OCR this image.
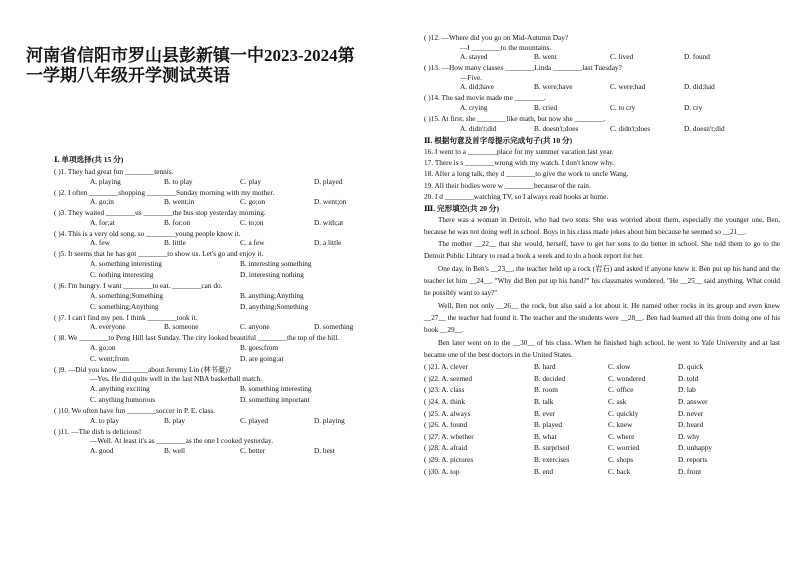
河南省信阳市罗山县彭新镇一中2023-2024第一学期八年级开学测试英语
Ⅰ. 单项选择(共 15 分)
( )1. They had great fun ________tennis.
A. playing	B. to play	C. play	D. played
( )2. I often ________shopping ________Sunday morning with my mother.
A. go;in	B. went;in	C. go;on	D. went;on
( )3. They waited ________us ________the bus stop yesterday morning.
A. for;at	B. for;on	C. to;on	D. with;at
( )4. This is a very old song, so ________young people know it.
A. few	B. little	C. a few	D. a little
( )5. It seems that he has got ________to show us. Let's go and enjoy it.
A. something interesting	B. interesting something
C. nothing interesting	D. interesting nothing
( )6. I'm hungry. I want ________to eat. ________can do.
A. something;Something	B. anything;Anything
C. something;Anything	D. anything;Something
( )7. I can't find my pen. I think ________took it.
A. everyone	B. someone	C. anyone	D. something
( )8. We ________to Peng Hill last Sunday. The city looked beautiful ________the top of the hill.
A. go;on	B. goes;from
C. went;from	D. are going;at
( )9. —Did you know ________about Jeremy Lin (林书豪)?
—Yes. He did quite well in the last NBA basketball match.
A. anything exciting	B. something interesting
C. anything humorous	D. something important
( )10. We often have fun ________soccer in P. E. class.
A. to play	B. play	C. played	D. playing
( )11. —The dish is delicious!
—Well. At least it's as ________as the one I cooked yesterday.
A. good	B. well	C. better	D. best
( )12. —Where did you go on Mid-Autumn Day?
—I ________to the mountains.
A. stayed	B. went	C. lived	D. found
( )13. —How many classes ________Linda ________last Tuesday?
—Five.
A. did;have	B. were;have	C. were;had	D. did;had
( )14. The sad movie made me ________.
A. crying	B. cried	C. to cry	D. cry
( )15. At first, she ________like math, but now she ________.
A. didn't;did	B. doesn't;does	C. didn't;does	D. doesn't;did
Ⅱ. 根据句意及首字母提示完成句子(共 10 分)
16. I went to a ________place for my summer vacation last year.
17. There is s ________wrong with my watch. I don't know why.
18. After a long talk, they d ________to give the work to uncle Wang.
19. All their bodies were w ________because of the rain.
20. I d ________watching TV, so I always read books at home.
Ⅲ. 完形填空(共 20 分)
There was a woman in Detroit, who had two sons. She was worried about them, especially the younger one, Ben, because he was not doing well in school. Boys in his class made jokes about him because he seemed so __21__.
The mother __22__ that she would, herself, have to get her sons to do better in school. She told them to go to the Detroit Public Library to read a book a week and to do a book report for her.
One day, in Ben's __23__, the teacher held up a rock (岩石) and asked if anyone knew it. Ben put up his hand and the teacher let him __24__. "Why did Ben put up his hand?" his classmates wondered, "He __25__ said anything. What could he possibly want to say?"
Well, Ben not only __26__ the rock, but also said a lot about it. He named other rocks in its group and even knew __27__ the teacher had found it. The teacher and the students were __28__. Ben had learned all this from doing one of his book __29__.
Ben later went on to the __30__ of his class. When he finished high school, he went to Yale University and at last became one of the best doctors in the United States.
( )21. A. clever	B. hard	C. slow	D. quick
( )22. A. seemed	B. decided	C. wondered	D. told
( )23. A. class	B. room	C. office	D. lab
( )24. A. think	B. talk	C. ask	D. answer
( )25. A. always	B. ever	C. quickly	D. never
( )26. A. found	B. played	C. knew	D. heard
( )27. A. whether	B. what	C. where	D. why
( )28. A. afraid	B. surprised	C. worried	D. unhappy
( )29. A. pictures	B. exercises	C. shops	D. reports
( )30. A. top	B. end	C. back	D. front
